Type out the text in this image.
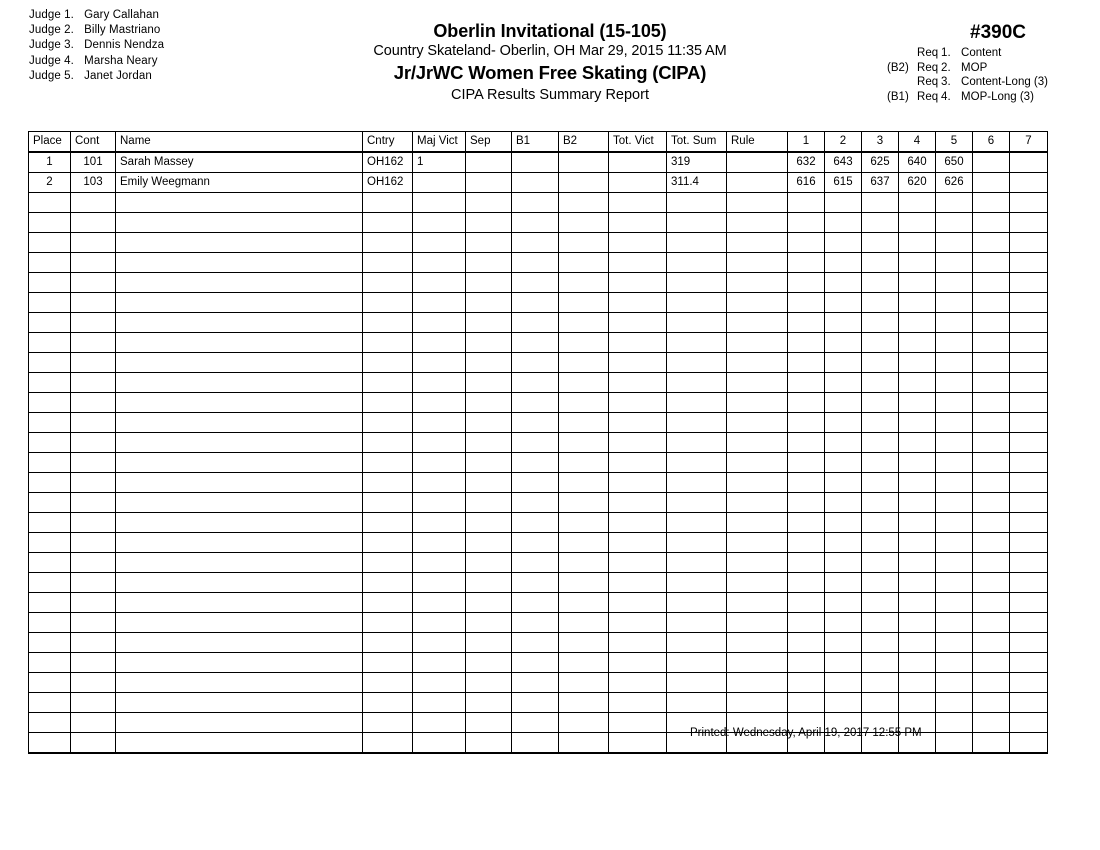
Judge 1. Gary Callahan
Judge 2. Billy Mastriano
Judge 3. Dennis Nendza
Judge 4. Marsha Neary
Judge 5. Janet Jordan
Oberlin Invitational (15-105)
Country Skateland- Oberlin, OH Mar 29, 2015 11:35 AM
Jr/JrWC Women Free Skating (CIPA)
CIPA Results Summary Report
#390C
Req 1. Content
(B2) Req 2. MOP
Req 3. Content-Long (3)
(B1) Req 4. MOP-Long (3)
Place	Cont	Name	Cntry	Maj Vict	Sep	B1	B2	Tot. Vict	Tot. Sum	Rule	1	2	3	4	5	6	7
1	101	Sarah Massey	OH162	1					319		632	643	625	640	650		
2	103	Emily Weegmann	OH162						311.4		616	615	637	620	626		

Printed: Wednesday, April 19, 2017 12:55 PM
